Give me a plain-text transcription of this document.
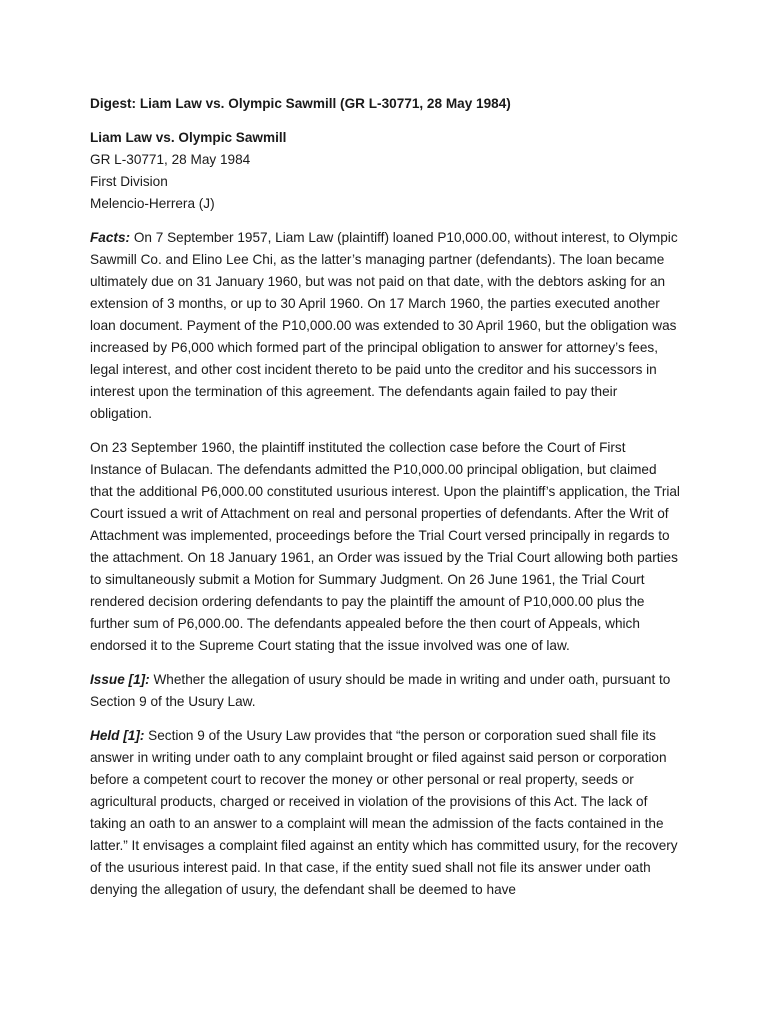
Digest: Liam Law vs. Olympic Sawmill (GR L-30771, 28 May 1984)
Liam Law vs. Olympic Sawmill
GR L-30771, 28 May 1984
First Division
Melencio-Herrera (J)

Facts: On 7 September 1957, Liam Law (plaintiff) loaned P10,000.00, without interest, to Olympic Sawmill Co. and Elino Lee Chi, as the latter’s managing partner (defendants). The loan became ultimately due on 31 January 1960, but was not paid on that date, with the debtors asking for an extension of 3 months, or up to 30 April 1960. On 17 March 1960, the parties executed another loan document. Payment of the P10,000.00 was extended to 30 April 1960, but the obligation was increased by P6,000 which formed part of the principal obligation to answer for attorney’s fees, legal interest, and other cost incident thereto to be paid unto the creditor and his successors in interest upon the termination of this agreement. The defendants again failed to pay their obligation.

On 23 September 1960, the plaintiff instituted the collection case before the Court of First Instance of Bulacan. The defendants admitted the P10,000.00 principal obligation, but claimed that the additional P6,000.00 constituted usurious interest. Upon the plaintiff’s application, the Trial Court issued a writ of Attachment on real and personal properties of defendants. After the Writ of Attachment was implemented, proceedings before the Trial Court versed principally in regards to the attachment. On 18 January 1961, an Order was issued by the Trial Court allowing both parties to simultaneously submit a Motion for Summary Judgment. On 26 June 1961, the Trial Court rendered decision ordering defendants to pay the plaintiff the amount of P10,000.00 plus the further sum of P6,000.00. The defendants appealed before the then court of Appeals, which endorsed it to the Supreme Court stating that the issue involved was one of law.

Issue [1]: Whether the allegation of usury should be made in writing and under oath, pursuant to Section 9 of the Usury Law.

Held [1]: Section 9 of the Usury Law provides that “the person or corporation sued shall file its answer in writing under oath to any complaint brought or filed against said person or corporation before a competent court to recover the money or other personal or real property, seeds or agricultural products, charged or received in violation of the provisions of this Act. The lack of taking an oath to an answer to a complaint will mean the admission of the facts contained in the latter.” It envisages a complaint filed against an entity which has committed usury, for the recovery of the usurious interest paid. In that case, if the entity sued shall not file its answer under oath denying the allegation of usury, the defendant shall be deemed to have
